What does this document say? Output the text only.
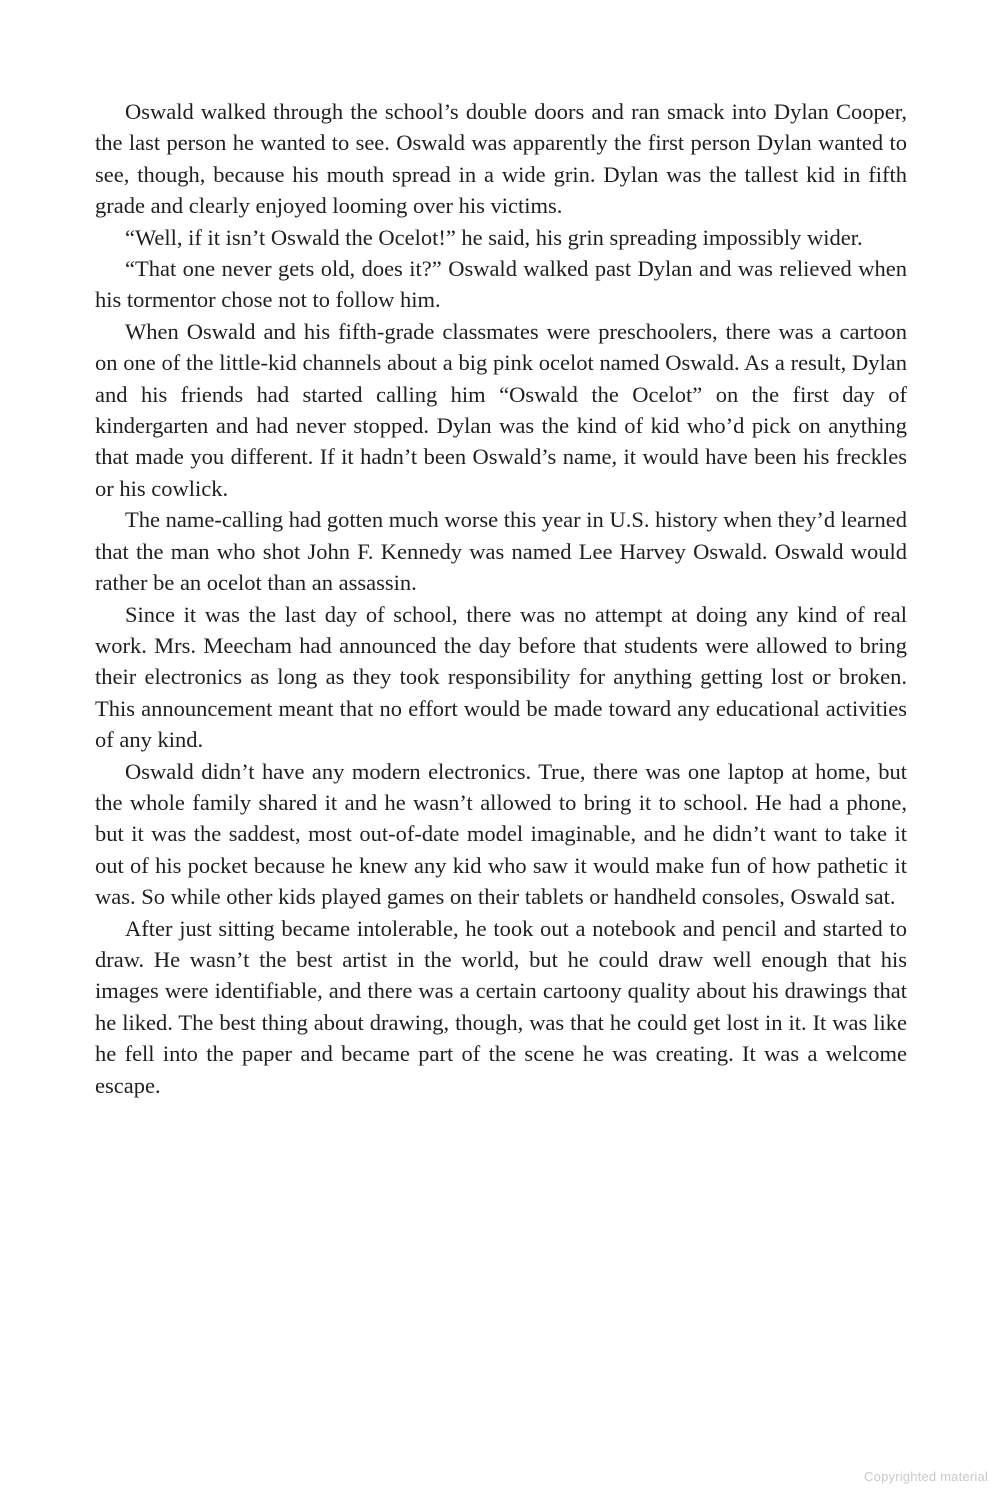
Oswald walked through the school’s double doors and ran smack into Dylan Cooper, the last person he wanted to see. Oswald was apparently the first person Dylan wanted to see, though, because his mouth spread in a wide grin. Dylan was the tallest kid in fifth grade and clearly enjoyed looming over his victims.

“Well, if it isn’t Oswald the Ocelot!” he said, his grin spreading impossibly wider.

“That one never gets old, does it?” Oswald walked past Dylan and was relieved when his tormentor chose not to follow him.

When Oswald and his fifth-grade classmates were preschoolers, there was a cartoon on one of the little-kid channels about a big pink ocelot named Oswald. As a result, Dylan and his friends had started calling him “Oswald the Ocelot” on the first day of kindergarten and had never stopped. Dylan was the kind of kid who’d pick on anything that made you different. If it hadn’t been Oswald’s name, it would have been his freckles or his cowlick.

The name-calling had gotten much worse this year in U.S. history when they’d learned that the man who shot John F. Kennedy was named Lee Harvey Oswald. Oswald would rather be an ocelot than an assassin.

Since it was the last day of school, there was no attempt at doing any kind of real work. Mrs. Meecham had announced the day before that students were allowed to bring their electronics as long as they took responsibility for anything getting lost or broken. This announcement meant that no effort would be made toward any educational activities of any kind.

Oswald didn’t have any modern electronics. True, there was one laptop at home, but the whole family shared it and he wasn’t allowed to bring it to school. He had a phone, but it was the saddest, most out-of-date model imaginable, and he didn’t want to take it out of his pocket because he knew any kid who saw it would make fun of how pathetic it was. So while other kids played games on their tablets or handheld consoles, Oswald sat.

After just sitting became intolerable, he took out a notebook and pencil and started to draw. He wasn’t the best artist in the world, but he could draw well enough that his images were identifiable, and there was a certain cartoony quality about his drawings that he liked. The best thing about drawing, though, was that he could get lost in it. It was like he fell into the paper and became part of the scene he was creating. It was a welcome escape.

Copyrighted material
